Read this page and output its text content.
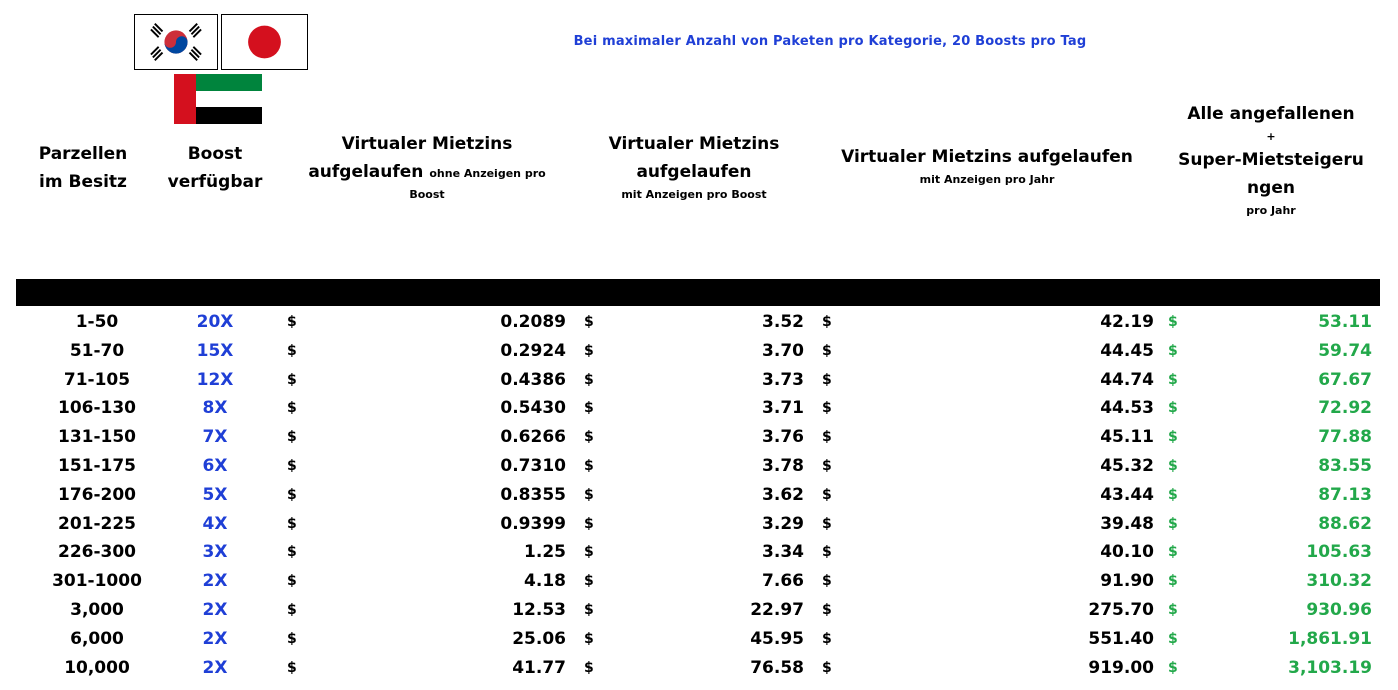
Bei maximaler Anzahl von Paketen pro Kategorie, 20 Boosts pro Tag
Parzellen
im Besitz
Boost
verfügbar
Virtualer Mietzins
aufgelaufen ohne Anzeigen pro
Boost
Virtualer Mietzins
aufgelaufen
mit Anzeigen pro Boost
Virtualer Mietzins aufgelaufen
mit Anzeigen pro Jahr
Alle angefallenen
+
Super-Mietsteigeru
ngen
pro Jahr
1-50	20X	$	0.2089 $	3.52 $	42.19 $	53.11
51-70	15X	$	0.2924 $	3.70 $	44.45 $	59.74
71-105	12X	$	0.4386 $	3.73 $	44.74 $	67.67
106-130	8X	$	0.5430 $	3.71 $	44.53 $	72.92
131-150	7X	$	0.6266 $	3.76 $	45.11 $	77.88
151-175	6X	$	0.7310 $	3.78 $	45.32 $	83.55
176-200	5X	$	0.8355 $	3.62 $	43.44 $	87.13
201-225	4X	$	0.9399 $	3.29 $	39.48 $	88.62
226-300	3X	$	1.25 $	3.34 $	40.10 $	105.63
301-1000	2X	$	4.18 $	7.66 $	91.90 $	310.32
3,000	2X	$	12.53 $	22.97 $	275.70 $	930.96
6,000	2X	$	25.06 $	45.95 $	551.40 $	1,861.91
10,000	2X	$	41.77 $	76.58 $	919.00 $	3,103.19
